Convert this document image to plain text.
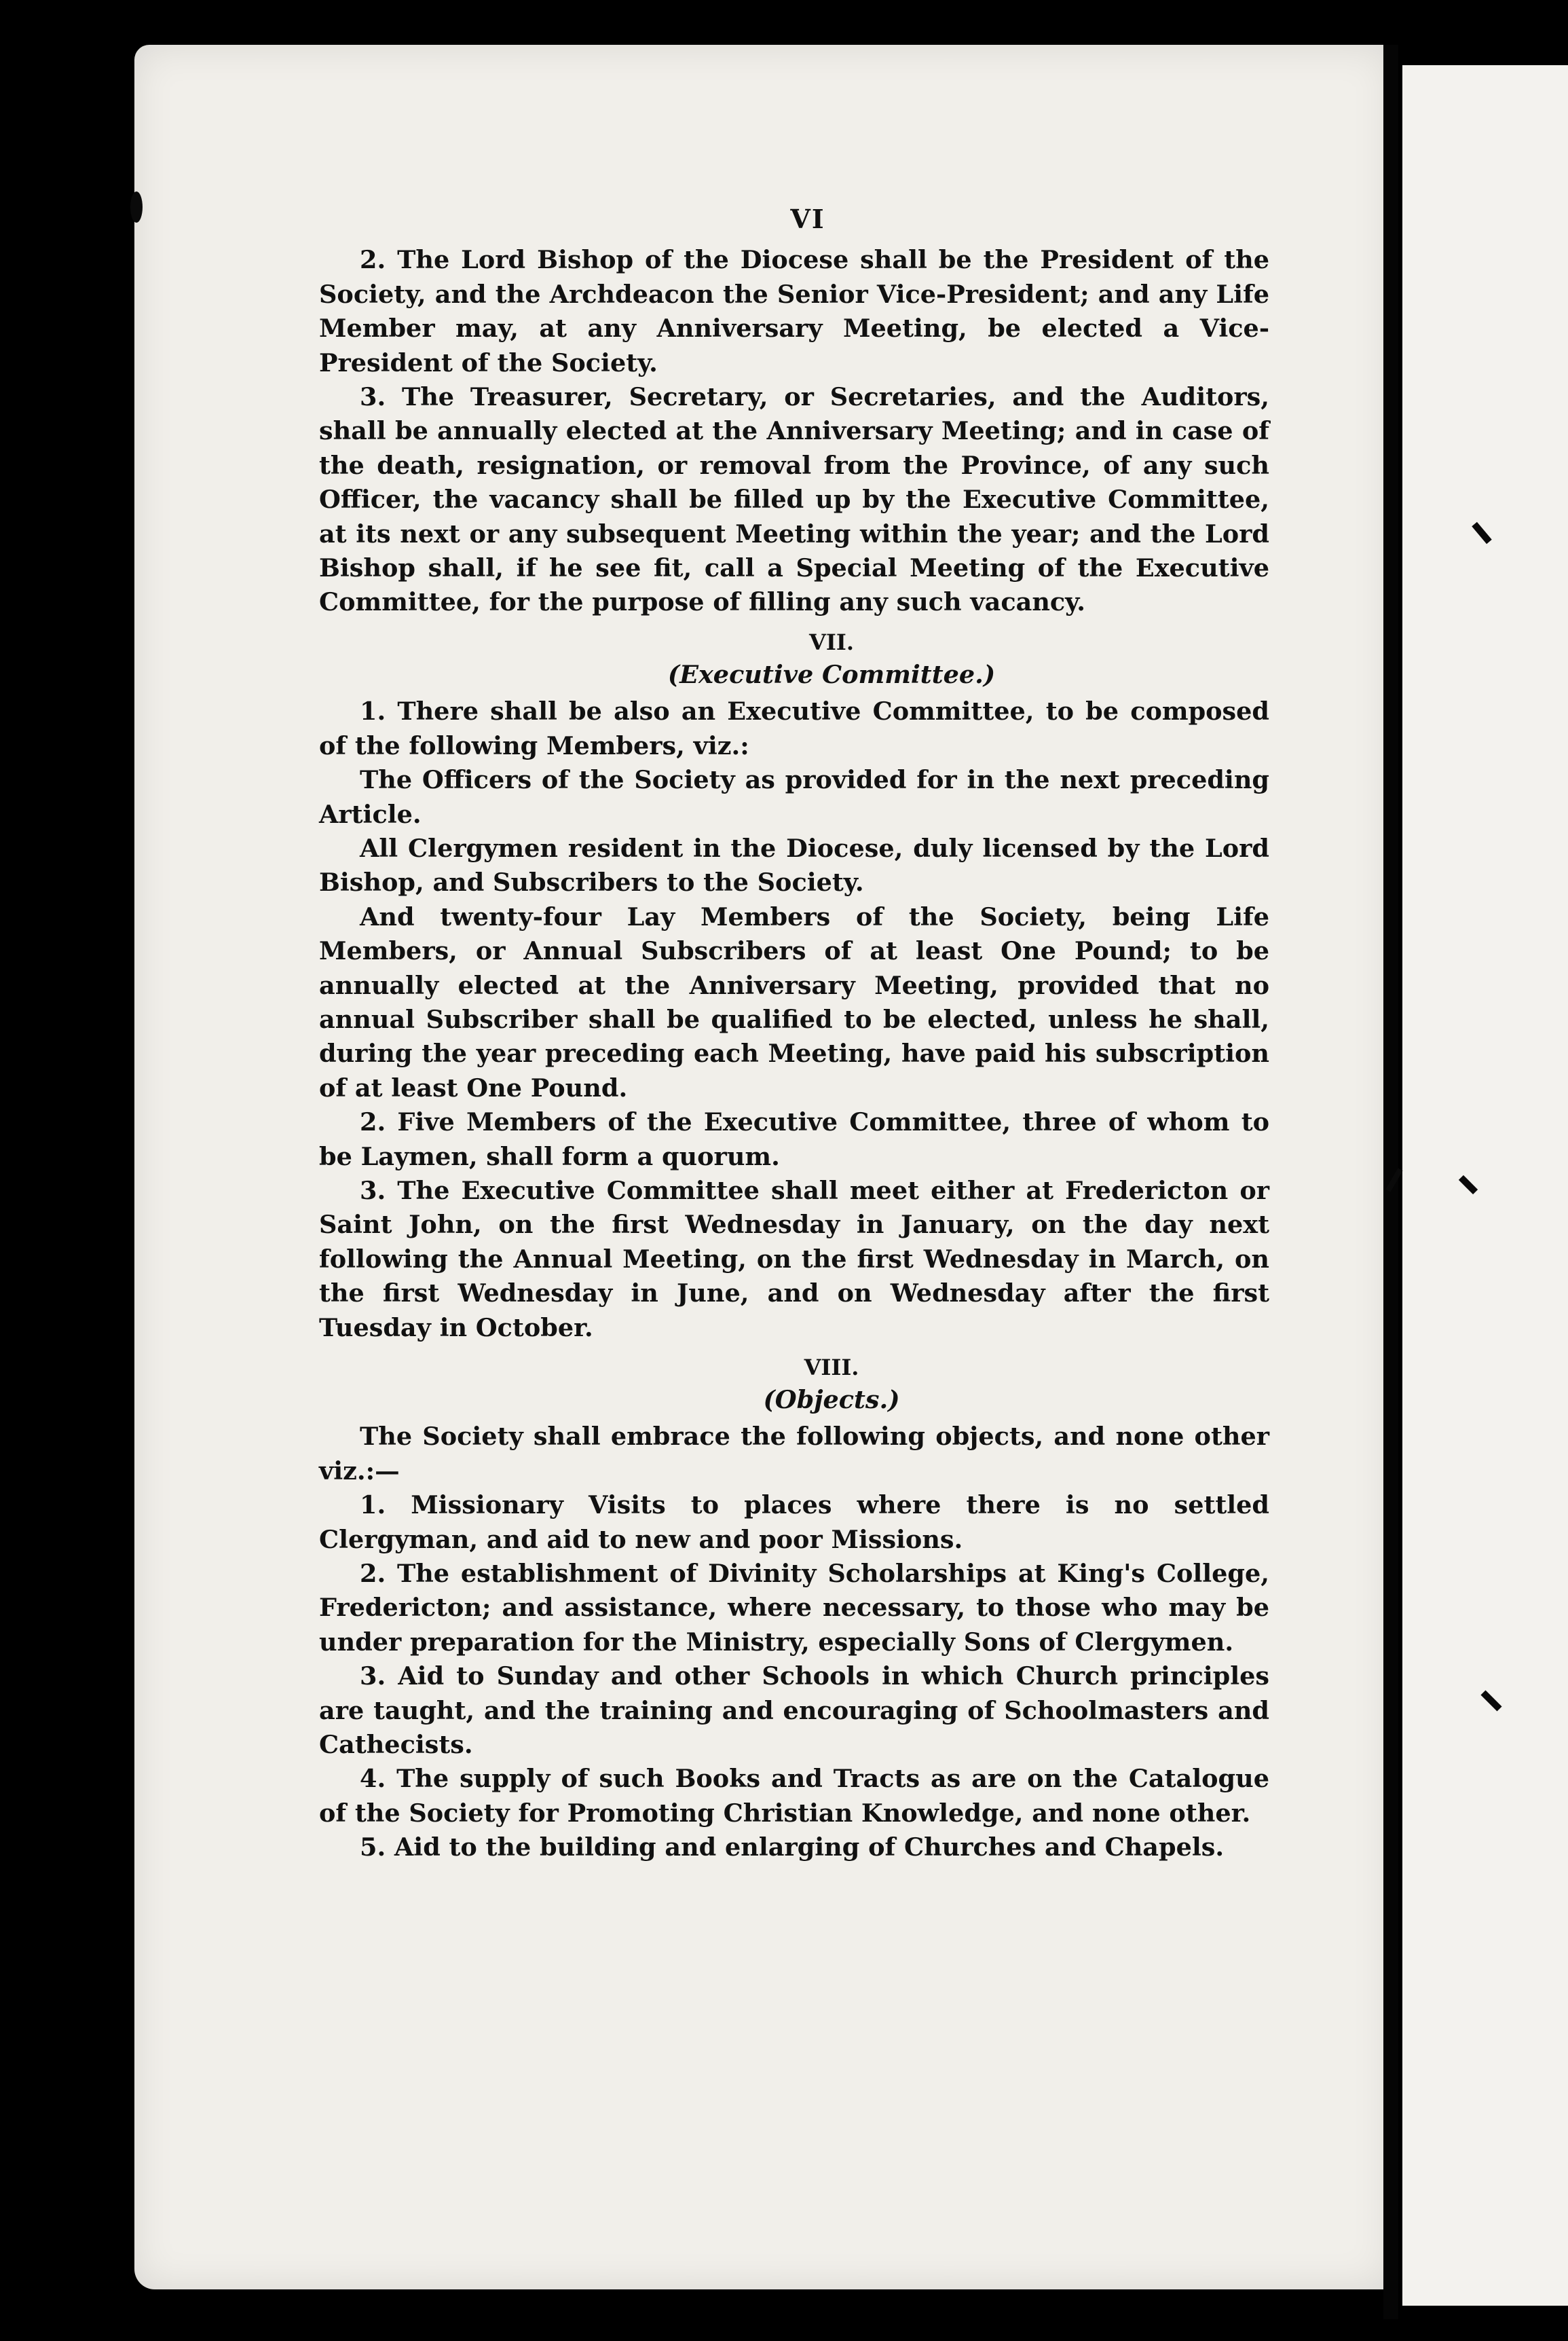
VI

2. The Lord Bishop of the Diocese shall be the President of the Society, and the Archdeacon the Senior Vice-President; and any Life Member may, at any Anniversary Meeting, be elected a Vice-President of the Society.

3. The Treasurer, Secretary, or Secretaries, and the Auditors, shall be annually elected at the Anniversary Meeting; and in case of the death, resignation, or removal from the Province, of any such Officer, the vacancy shall be filled up by the Executive Committee, at its next or any subsequent Meeting within the year; and the Lord Bishop shall, if he see fit, call a Special Meeting of the Executive Committee, for the purpose of filling any such vacancy.

VII.
(Executive Committee.)

1. There shall be also an Executive Committee, to be composed of the following Members, viz.:

The Officers of the Society as provided for in the next preceding Article.

All Clergymen resident in the Diocese, duly licensed by the Lord Bishop, and Subscribers to the Society.

And twenty-four Lay Members of the Society, being Life Members, or Annual Subscribers of at least One Pound; to be annually elected at the Anniversary Meeting, provided that no annual Subscriber shall be qualified to be elected, unless he shall, during the year preceding each Meeting, have paid his subscription of at least One Pound.

2. Five Members of the Executive Committee, three of whom to be Laymen, shall form a quorum.

3. The Executive Committee shall meet either at Fredericton or Saint John, on the first Wednesday in January, on the day next following the Annual Meeting, on the first Wednesday in March, on the first Wednesday in June, and on Wednesday after the first Tuesday in October.

VIII.
(Objects.)

The Society shall embrace the following objects, and none other viz.:—

1. Missionary Visits to places where there is no settled Clergyman, and aid to new and poor Missions.

2. The establishment of Divinity Scholarships at King's College, Fredericton; and assistance, where necessary, to those who may be under preparation for the Ministry, especially Sons of Clergymen.

3. Aid to Sunday and other Schools in which Church principles are taught, and the training and encouraging of Schoolmasters and Cathecists.

4. The supply of such Books and Tracts as are on the Catalogue of the Society for Promoting Christian Knowledge, and none other.

5. Aid to the building and enlarging of Churches and Chapels.
